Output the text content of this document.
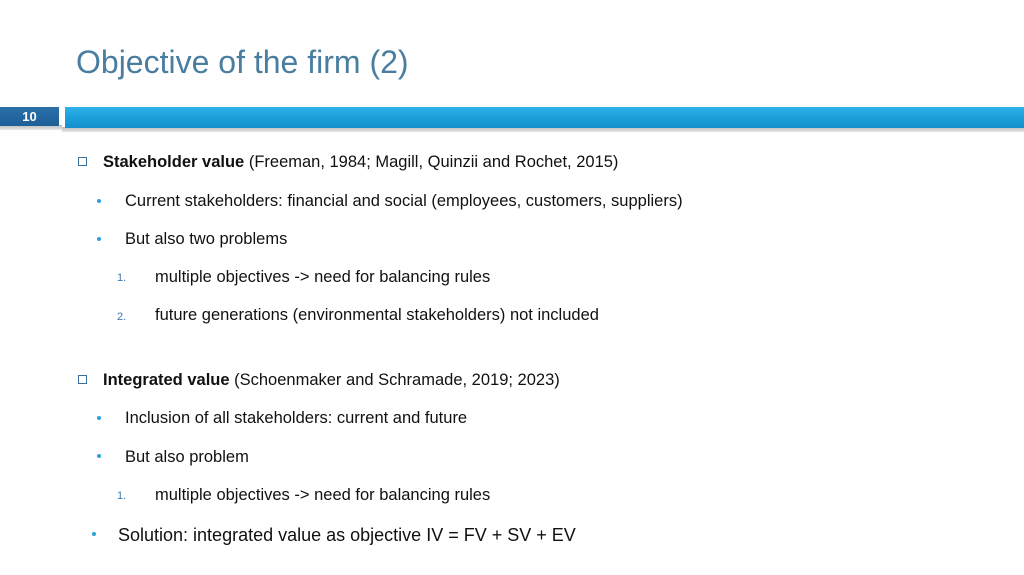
Objective of the firm (2)
10
Stakeholder value (Freeman, 1984; Magill, Quinzii and Rochet, 2015)
Current stakeholders: financial and social (employees, customers, suppliers)
But also two problems
1. multiple objectives -> need for balancing rules
2. future generations (environmental stakeholders) not included
Integrated value (Schoenmaker and Schramade, 2019; 2023)
Inclusion of all stakeholders: current and future
But also problem
1. multiple objectives -> need for balancing rules
Solution: integrated value as objective IV = FV + SV + EV
